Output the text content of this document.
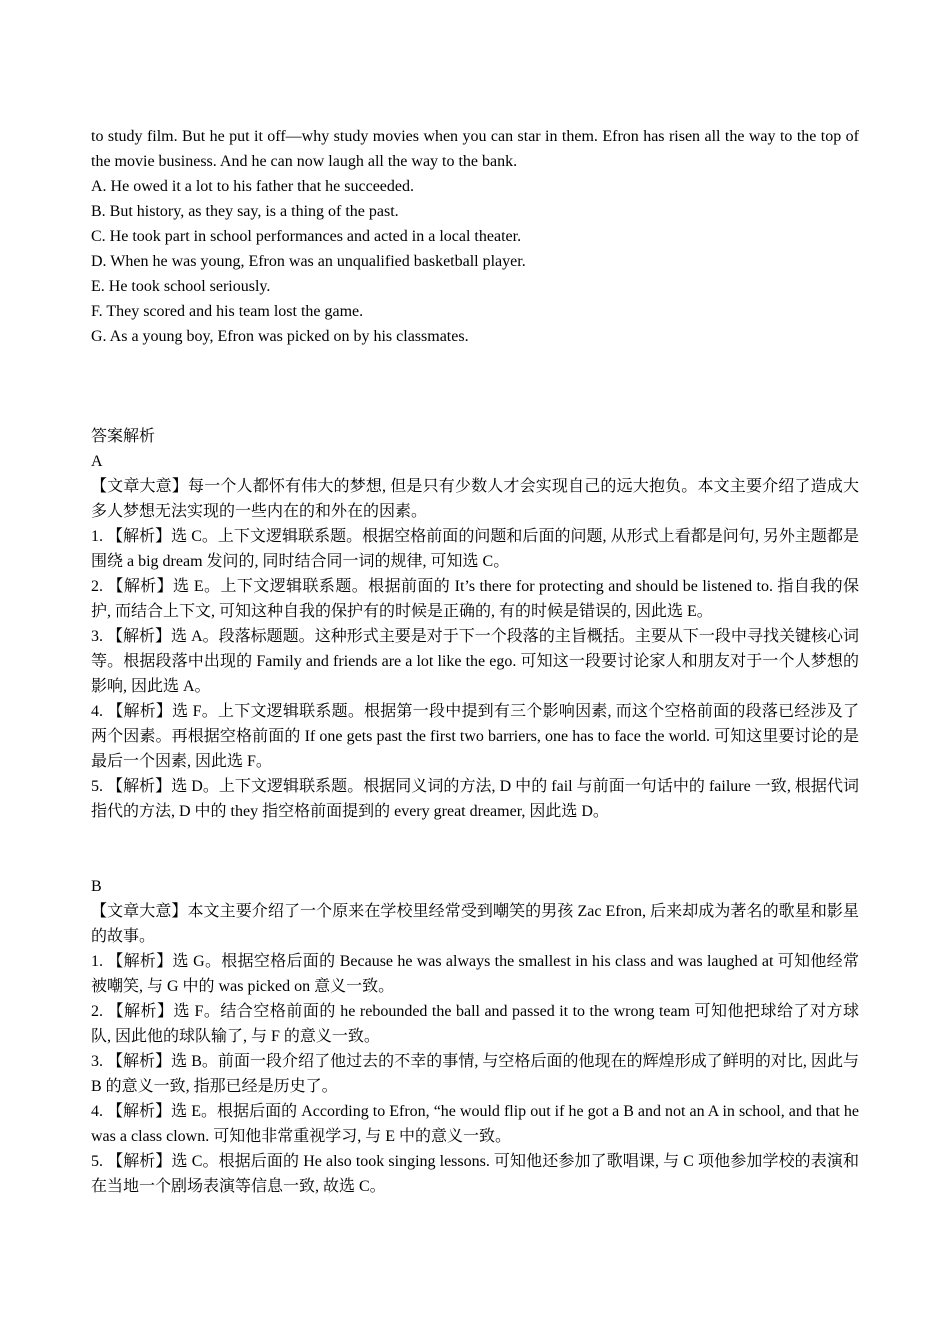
to study film. But he put it off—why study movies when you can star in them. Efron has risen all the way to the top of the movie business. And he can now laugh all the way to the bank.

A. He owed it a lot to his father that he succeeded.

B. But history, as they say, is a thing of the past.

C. He took part in school performances and acted in a local theater.

D. When he was young, Efron was an unqualified basketball player.

E. He took school seriously.

F. They scored and his team lost the game.

G. As a young boy, Efron was picked on by his classmates.

答案解析

A

【文章大意】每一个人都怀有伟大的梦想, 但是只有少数人才会实现自己的远大抱负。本文主要介绍了造成大多人梦想无法实现的一些内在的和外在的因素。

1. 【解析】选 C。上下文逻辑联系题。根据空格前面的问题和后面的问题, 从形式上看都是问句, 另外主题都是围绕 a big dream 发问的, 同时结合同一词的规律, 可知选 C。

2. 【解析】选 E。上下文逻辑联系题。根据前面的 It’s there for protecting and should be listened to. 指自我的保护, 而结合上下文, 可知这种自我的保护有的时候是正确的, 有的时候是错误的, 因此选 E。

3. 【解析】选 A。段落标题题。这种形式主要是对于下一个段落的主旨概括。主要从下一段中寻找关键核心词等。根据段落中出现的 Family and friends are a lot like the ego. 可知这一段要讨论家人和朋友对于一个人梦想的影响, 因此选 A。

4. 【解析】选 F。上下文逻辑联系题。根据第一段中提到有三个影响因素, 而这个空格前面的段落已经涉及了两个因素。再根据空格前面的 If one gets past the first two barriers, one has to face the world. 可知这里要讨论的是最后一个因素, 因此选 F。

5. 【解析】选 D。上下文逻辑联系题。根据同义词的方法, D 中的 fail 与前面一句话中的 failure 一致, 根据代词指代的方法, D 中的 they 指空格前面提到的 every great dreamer, 因此选 D。

B

【文章大意】本文主要介绍了一个原来在学校里经常受到嘲笑的男孩 Zac Efron, 后来却成为著名的歌星和影星的故事。

1. 【解析】选 G。根据空格后面的 Because he was always the smallest in his class and was laughed at 可知他经常被嘲笑, 与 G 中的 was picked on 意义一致。

2. 【解析】选 F。结合空格前面的 he rebounded the ball and passed it to the wrong team 可知他把球给了对方球队, 因此他的球队输了, 与 F 的意义一致。

3. 【解析】选 B。前面一段介绍了他过去的不幸的事情, 与空格后面的他现在的辉煌形成了鲜明的对比, 因此与 B 的意义一致, 指那已经是历史了。

4. 【解析】选 E。根据后面的 According to Efron, “he would flip out if he got a B and not an A in school, and that he was a class clown. 可知他非常重视学习, 与 E 中的意义一致。

5. 【解析】选 C。根据后面的 He also took singing lessons. 可知他还参加了歌唱课, 与 C 项他参加学校的表演和在当地一个剧场表演等信息一致, 故选 C。
